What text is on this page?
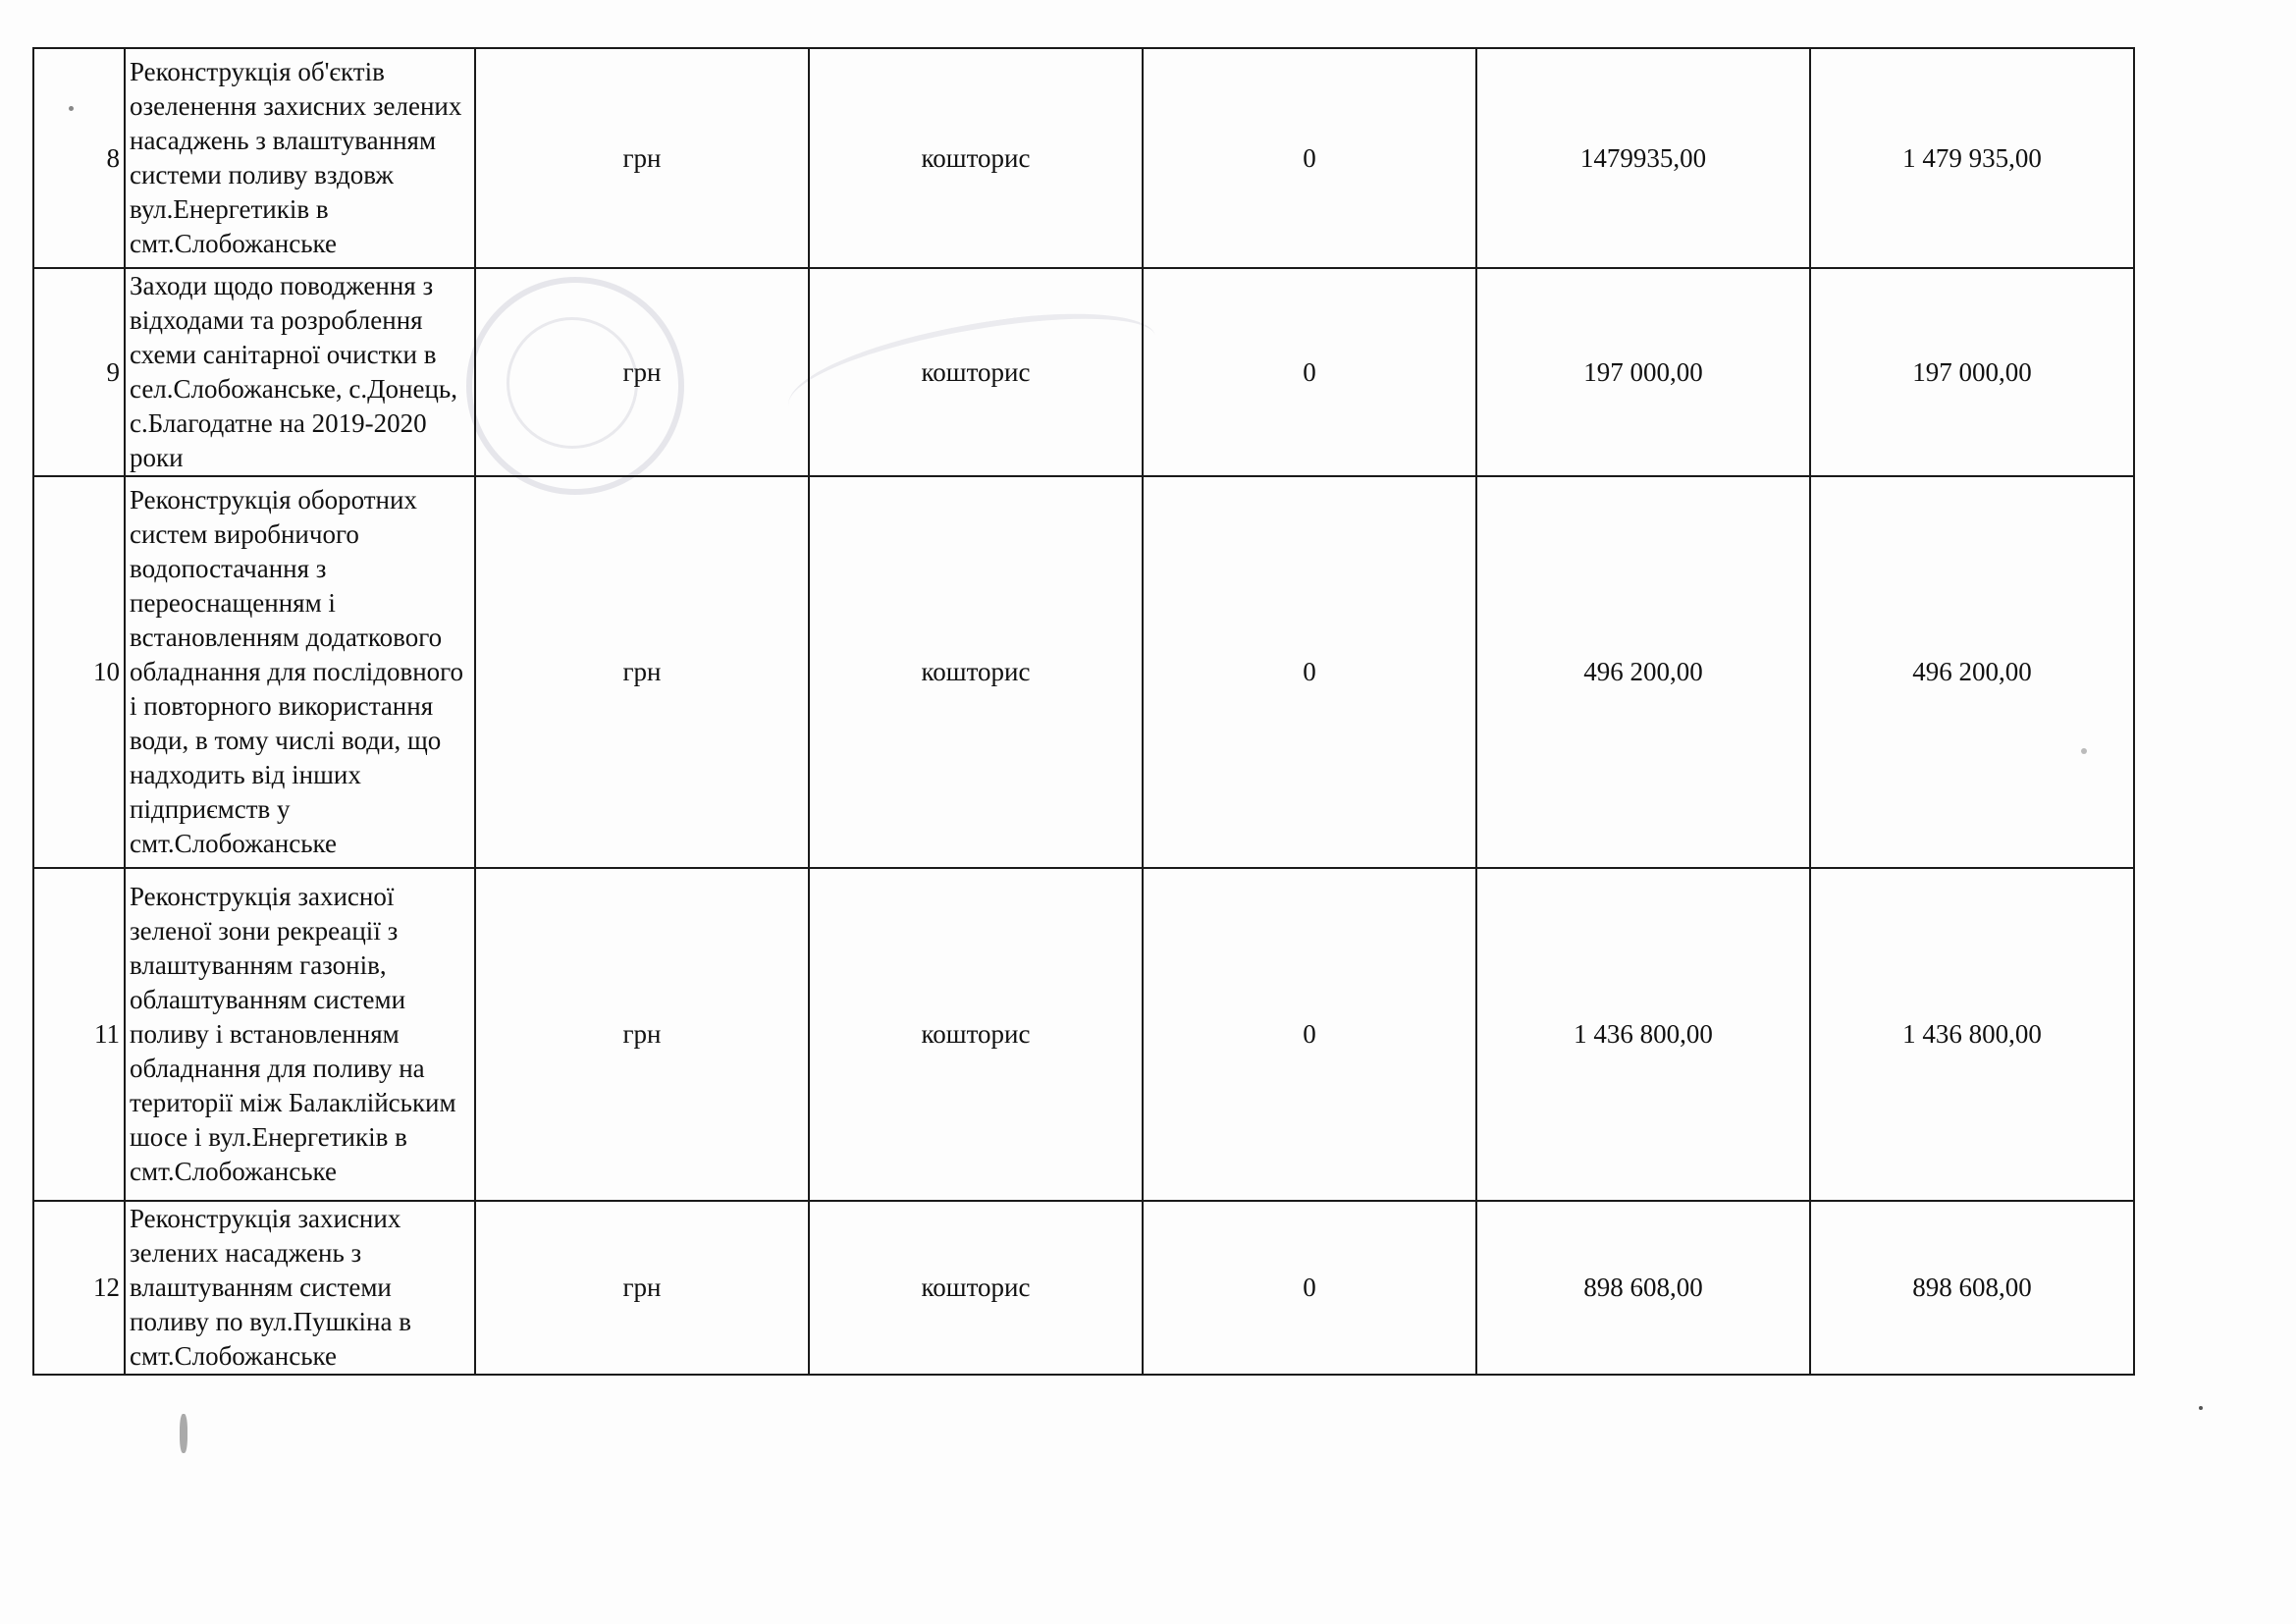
8	Реконструкція об'єктів озеленення захисних зелених насаджень з влаштуванням системи поливу вздовж вул.Енергетиків в смт.Слобожанське	грн	кошторис	0	1479935,00	1 479 935,00
9	Заходи щодо поводження з відходами та розроблення схеми санітарної очистки в сел.Слобожанське, с.Донець, с.Благодатне на 2019-2020 роки	грн	кошторис	0	197 000,00	197 000,00
10	Реконструкція оборотних систем виробничого водопостачання з переоснащенням і встановленням додаткового обладнання для послідовного і повторного використання води, в тому числі води, що надходить від інших підприємств у смт.Слобожанське	грн	кошторис	0	496 200,00	496 200,00
11	Реконструкція захисної зеленої зони рекреації з влаштуванням газонів, облаштуванням системи поливу і встановленням обладнання для поливу на території між Балаклійським шосе і вул.Енергетиків в смт.Слобожанське	грн	кошторис	0	1 436 800,00	1 436 800,00
12	Реконструкція захисних зелених насаджень з влаштуванням системи поливу по вул.Пушкіна в смт.Слобожанське	грн	кошторис	0	898 608,00	898 608,00
